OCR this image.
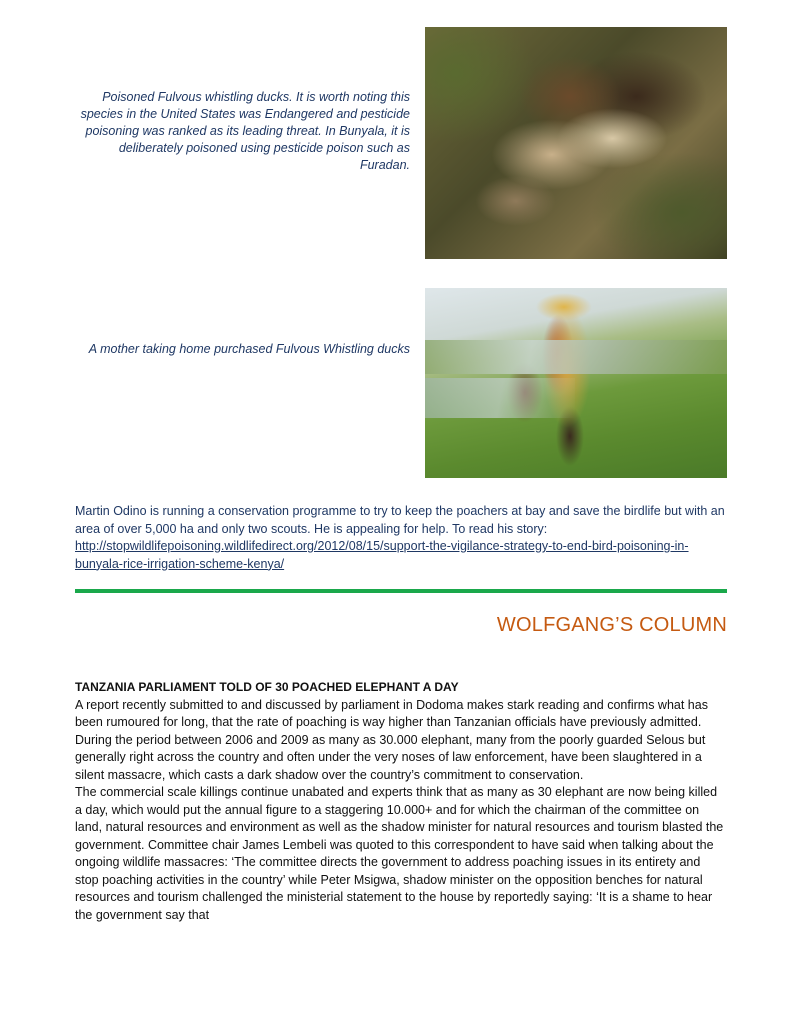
Poisoned Fulvous whistling ducks. It is worth noting this species in the United States was Endangered and pesticide poisoning was ranked as its leading threat. In Bunyala, it is deliberately poisoned using pesticide poison such as Furadan.
A mother taking home purchased Fulvous Whistling ducks
Martin Odino is running a conservation programme to try to keep the poachers at bay and save the birdlife but with an area of over 5,000 ha and only two scouts. He is appealing for help. To read his story:
http://stopwildlifepoisoning.wildlifedirect.org/2012/08/15/support-the-vigilance-strategy-to-end-bird-poisoning-in-bunyala-rice-irrigation-scheme-kenya/
WOLFGANG’S COLUMN
TANZANIA PARLIAMENT TOLD OF 30 POACHED ELEPHANT A DAY

A report recently submitted to and discussed by parliament in Dodoma makes stark reading and confirms what has been rumoured for long, that the rate of poaching is way higher than Tanzanian officials have previously admitted.

During the period between 2006 and 2009 as many as 30.000 elephant, many from the poorly guarded Selous but generally right across the country and often under the very noses of law enforcement, have been slaughtered in a silent massacre, which casts a dark shadow over the country’s commitment to conservation.

The commercial scale killings continue unabated and experts think that as many as 30 elephant are now being killed a day, which would put the annual figure to a staggering 10.000+ and for which the chairman of the committee on land, natural resources and environment as well as the shadow minister for natural resources and tourism blasted the government. Committee chair James Lembeli was quoted to this correspondent to have said when talking about the ongoing wildlife massacres: ‘The committee directs the government to address poaching issues in its entirety and stop poaching activities in the country’ while Peter Msigwa, shadow minister on the opposition benches for natural resources and tourism challenged the ministerial statement to the house by reportedly saying: ‘It is a shame to hear the government say that
